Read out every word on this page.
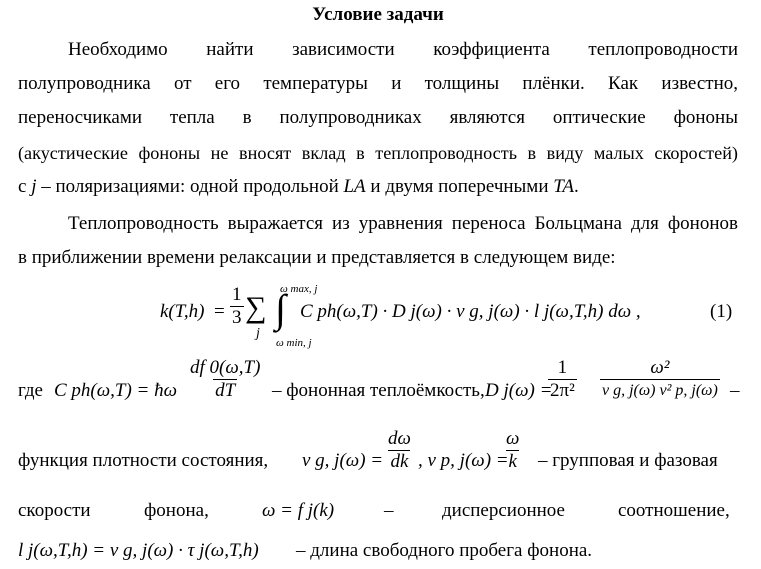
Условие задачи
Необходимо найти зависимости коэффициента теплопроводности
полупроводника от его температуры и толщины плёнки. Как известно,
переносчиками тепла в полупроводниках являются оптические фононы
(акустические фононы не вносят вклад в теплопроводность в виду малых скоростей)
с j – поляризациями: одной продольной LA и двумя поперечными TA.
Теплопроводность выражается из уравнения переноса Больцмана для фононов
в приближении времени релаксации и представляется в следующем виде:
$k(T,h) = \frac{1}{3}$ ∑
j
ω max, j
∫
ω min, j
C ph(ω,T) · D j(ω) · ν g, j(ω) · l j(ω,T,h) dω ,	(1)
где C ph(ω,T) = ħω $\frac{df 0(\omega,T)}{dT}$ – фононная теплоёмкость, D j(ω) =
$\frac{1}{\text{2π²}} \frac{\text{ω²}}{\text{ν g, j(ω) ν² p, j(ω)}}$ –
функция плотности состояния, ν g, $j(\omega) = \frac{d\omega}{dk}$ , ν p, j(ω) =
$\frac{\omega}{k}$ – групповая и фазовая
скорости	фонона,	ω = f j(k)	–	дисперсионное	соотношение,
l j(ω,T,h) = ν g, j(ω) · τ j(ω,T,h) – длина свободного пробега фонона.
